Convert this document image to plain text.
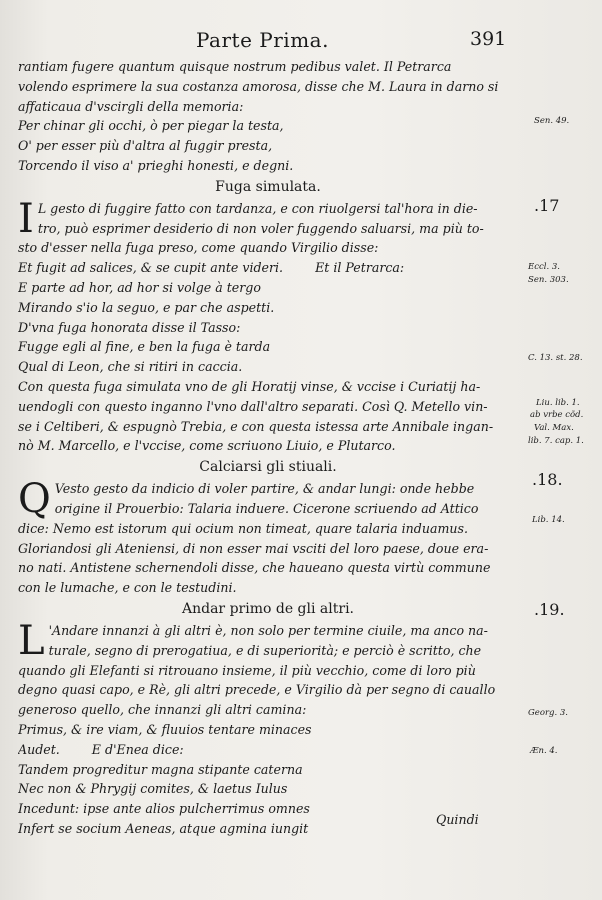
Parte Prima.	391
rantiam fugere quantum quisque nostrum pedibus valet. Il Petrarca
volendo esprimere la sua costanza amorosa, disse che M. Laura in darno si
affaticaua d'vscirgli della memoria:
Per chinar gli occhi, ò per piegar la testa,
O' per esser più d'altra al fuggir presta,
Torcendo il viso a' prieghi honesti, e degni.
Fuga simulata.
I L gesto di fuggire fatto con tardanza, e con riuolgersi tal'hora in die-
tro, può esprimer desiderio di non voler fuggendo saluarsi, ma più to-
sto d'esser nella fuga preso, come quando Virgilio disse:
Et fugit ad salices, & se cupit ante videri.        Et il Petrarca:
E parte ad hor, ad hor si volge à tergo
Mirando s'io la seguo, e par che aspetti.
D'vna fuga honorata disse il Tasso:
Fugge egli al fine, e ben la fuga è tarda
Qual di Leon, che si ritiri in caccia.
Con questa fuga simulata vno de gli Horatij vinse, & vccise i Curiatij ha-
uendogli con questo inganno l'vno dall'altro separati. Così Q. Metello vin-
se i Celtiberi, & espugnò Trebia, e con questa istessa arte Annibale ingan-
nò M. Marcello, e l'vccise, come scriuono Liuio, e Plutarco.
Calciarsi gli stiuali.
Q Vesto gesto da indicio di voler partire, & andar lungi: onde hebbe
origine il Prouerbio: Talaria induere. Cicerone scriuendo ad Attico
dice: Nemo est istorum qui ocium non timeat, quare talaria induamus.
Gloriandosi gli Ateniensi, di non esser mai vsciti del loro paese, doue era-
no nati. Antistene schernendoli disse, che haueano questa virtù commune
con le lumache, e con le testudini.
Andar primo de gli altri.
L 'Andare innanzi à gli altri è, non solo per termine ciuile, ma anco na-
turale, segno di prerogatiua, e di superiorità; e perciò è scritto, che
quando gli Elefanti si ritrouano insieme, il più vecchio, come di loro più
degno quasi capo, e Rè, gli altri precede, e Virgilio dà per segno di cauallo
generoso quello, che innanzi gli altri camina:
Primus, & ire viam, & fluuios tentare minaces
Audet.        E d'Enea dice:
Tandem progreditur magna stipante caterna
Nec non & Phrygij comites, & laetus Iulus
Incedunt: ipse ante alios pulcherrimus omnes
Infert se socium Aeneas, atque agmina iungit
.17
.18.
.19.
Sen. 49.
Eccl. 3.
Sen. 303.
C. 13. st. 28.
Liu. lib. 1.
ab vrbe cõd.
Val. Max.
lib. 7. cap. 1.
Lib. 14.
Georg. 3.
Æn. 4.
Quindi
